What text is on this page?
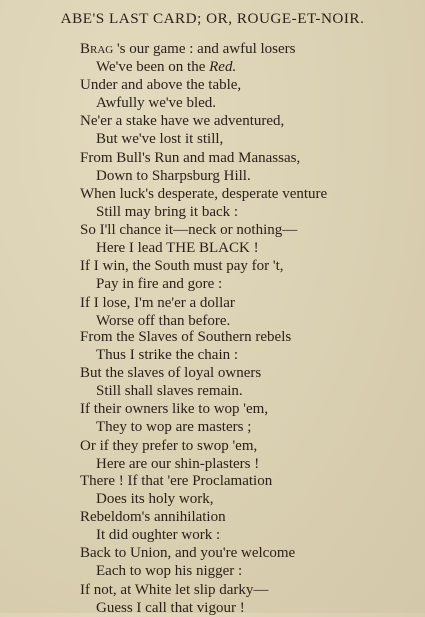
ABE'S LAST CARD; OR, ROUGE-ET-NOIR.
Brag 's our game : and awful losers
We've been on the Red.
Under and above the table,
Awfully we've bled.
Ne'er a stake have we adventured,
But we've lost it still,
From Bull's Run and mad Manassas,
Down to Sharpsburg Hill.
When luck's desperate, desperate venture
Still may bring it back :
So I'll chance it—neck or nothing—
Here I lead THE BLACK !
If I win, the South must pay for 't,
Pay in fire and gore :
If I lose, I'm ne'er a dollar
Worse off than before.
From the Slaves of Southern rebels
Thus I strike the chain :
But the slaves of loyal owners
Still shall slaves remain.
If their owners like to wop 'em,
They to wop are masters ;
Or if they prefer to swop 'em,
Here are our shin-plasters !
There ! If that 'ere Proclamation
Does its holy work,
Rebeldom's annihilation
It did oughter work :
Back to Union, and you're welcome
Each to wop his nigger :
If not, at White let slip darky—
Guess I call that vigour !
